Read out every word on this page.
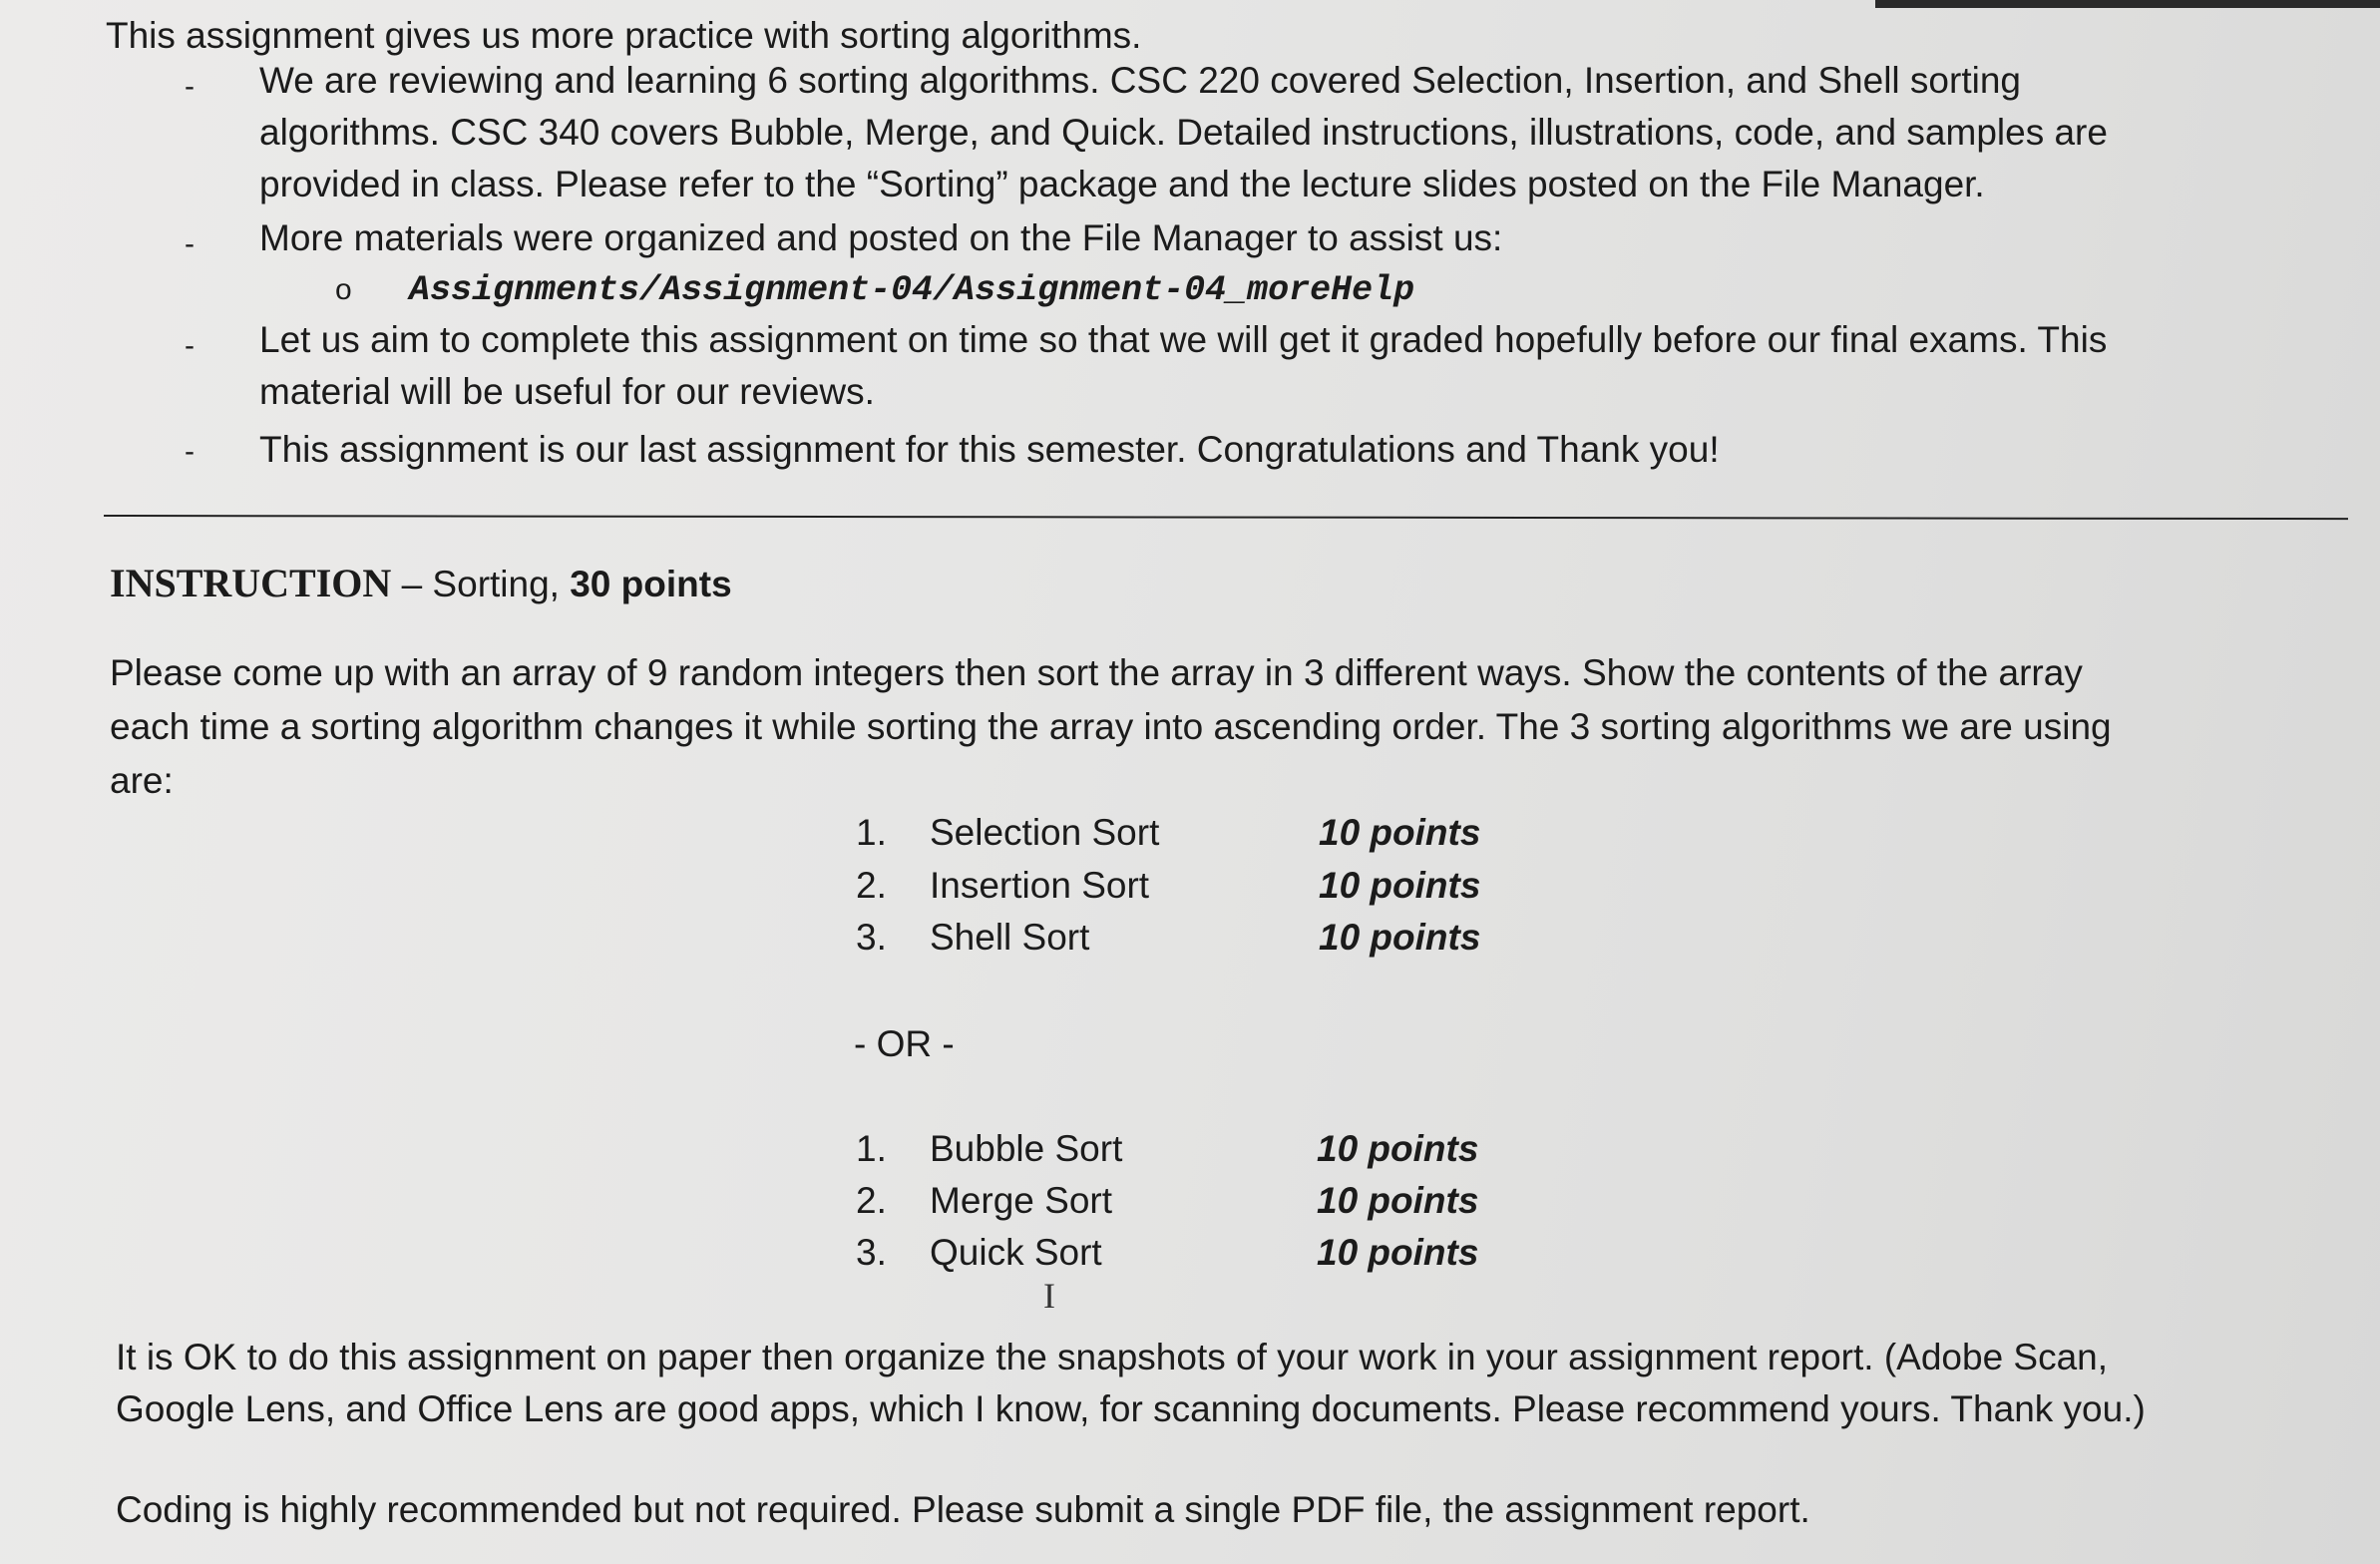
This assignment gives us more practice with sorting algorithms.
- We are reviewing and learning 6 sorting algorithms. CSC 220 covered Selection, Insertion, and Shell sorting
algorithms. CSC 340 covers Bubble, Merge, and Quick. Detailed instructions, illustrations, code, and samples are
provided in class. Please refer to the “Sorting” package and the lecture slides posted on the File Manager.
- More materials were organized and posted on the File Manager to assist us:
o Assignments/Assignment-04/Assignment-04_moreHelp
- Let us aim to complete this assignment on time so that we will get it graded hopefully before our final exams. This
material will be useful for our reviews.
- This assignment is our last assignment for this semester. Congratulations and Thank you!
INSTRUCTION – Sorting, 30 points
Please come up with an array of 9 random integers then sort the array in 3 different ways. Show the contents of the array
each time a sorting algorithm changes it while sorting the array into ascending order. The 3 sorting algorithms we are using
are:
1. Selection Sort	10 points
2. Insertion Sort	10 points
3. Shell Sort	10 points
- OR -
1. Bubble Sort	10 points
2. Merge Sort	10 points
3. Quick Sort	10 points
I
It is OK to do this assignment on paper then organize the snapshots of your work in your assignment report. (Adobe Scan,
Google Lens, and Office Lens are good apps, which I know, for scanning documents. Please recommend yours. Thank you.)
Coding is highly recommended but not required. Please submit a single PDF file, the assignment report.
